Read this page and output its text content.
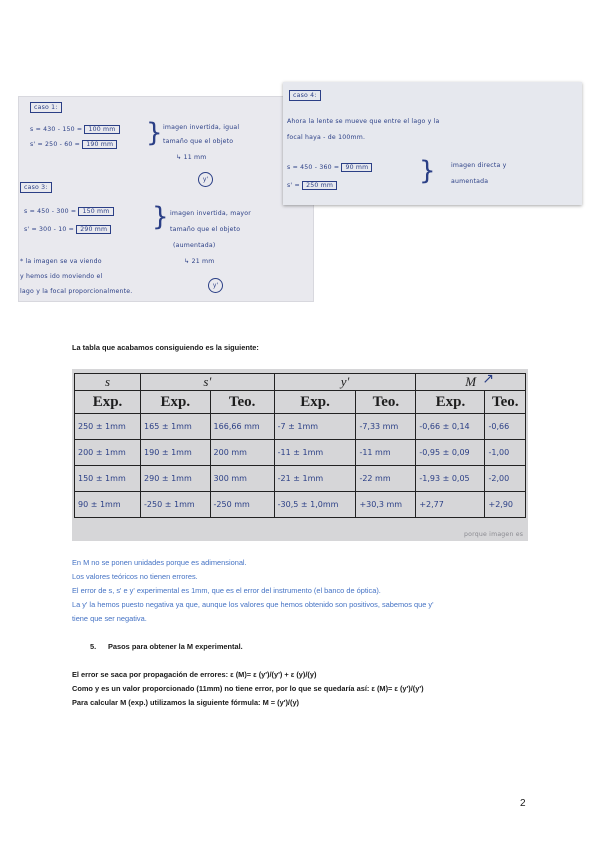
caso 1:
s = 430 - 150 = 100 mm
s' = 250 - 60 = 190 mm } imagen invertida, igual
tamaño que el objeto
↳ 11 mm
y'
caso 3:
s = 450 - 300 = 150 mm
s' = 300 - 10 = 290 mm } imagen invertida, mayor
tamaño que el objeto
(aumentada)
↳ 21 mm
y'
* la imagen se va viendo
y hemos ido moviendo el
lago y la focal proporcionalmente.
caso 4:
Ahora la lente se mueve que entre el lago y la
focal haya - de 100mm.
s = 450 - 360 = 90 mm
s' = 250 mm	} imagen directa y
aumentada
La tabla que acabamos consiguiendo es la siguiente:
↗
s	s'		y'		M	
Exp.	Exp.	Teo.	Exp.	Teo.	Exp.	Teo.
250 ± 1mm	165 ± 1mm	166,66 mm	-7 ± 1mm	-7,33 mm	-0,66 ± 0,14	-0,66
200 ± 1mm	190 ± 1mm	200 mm	-11 ± 1mm	-11 mm	-0,95 ± 0,09	-1,00
150 ± 1mm	290 ± 1mm	300 mm	-21 ± 1mm	-22 mm	-1,93 ± 0,05	-2,00
90 ± 1mm	-250 ± 1mm	-250 mm	-30,5 ± 1,0mm	+30,3 mm	+2,77	+2,90
porque imagen es
En M no se ponen unidades porque es adimensional.
Los valores teóricos no tienen errores.
El error de s, s' e y' experimental es 1mm, que es el error del instrumento (el banco de óptica).
La y' la hemos puesto negativa ya que, aunque los valores que hemos obtenido son positivos, sabemos que y'
tiene que ser negativa.
5. Pasos para obtener la M experimental.
El error se saca por propagación de errores: ε (M)= ε (y')/(y') + ε (y)/(y)
Como y es un valor proporcionado (11mm) no tiene error, por lo que se quedaría así: ε (M)= ε (y')/(y')
Para calcular M (exp.) utilizamos la siguiente fórmula: M = (y')/(y)
2
